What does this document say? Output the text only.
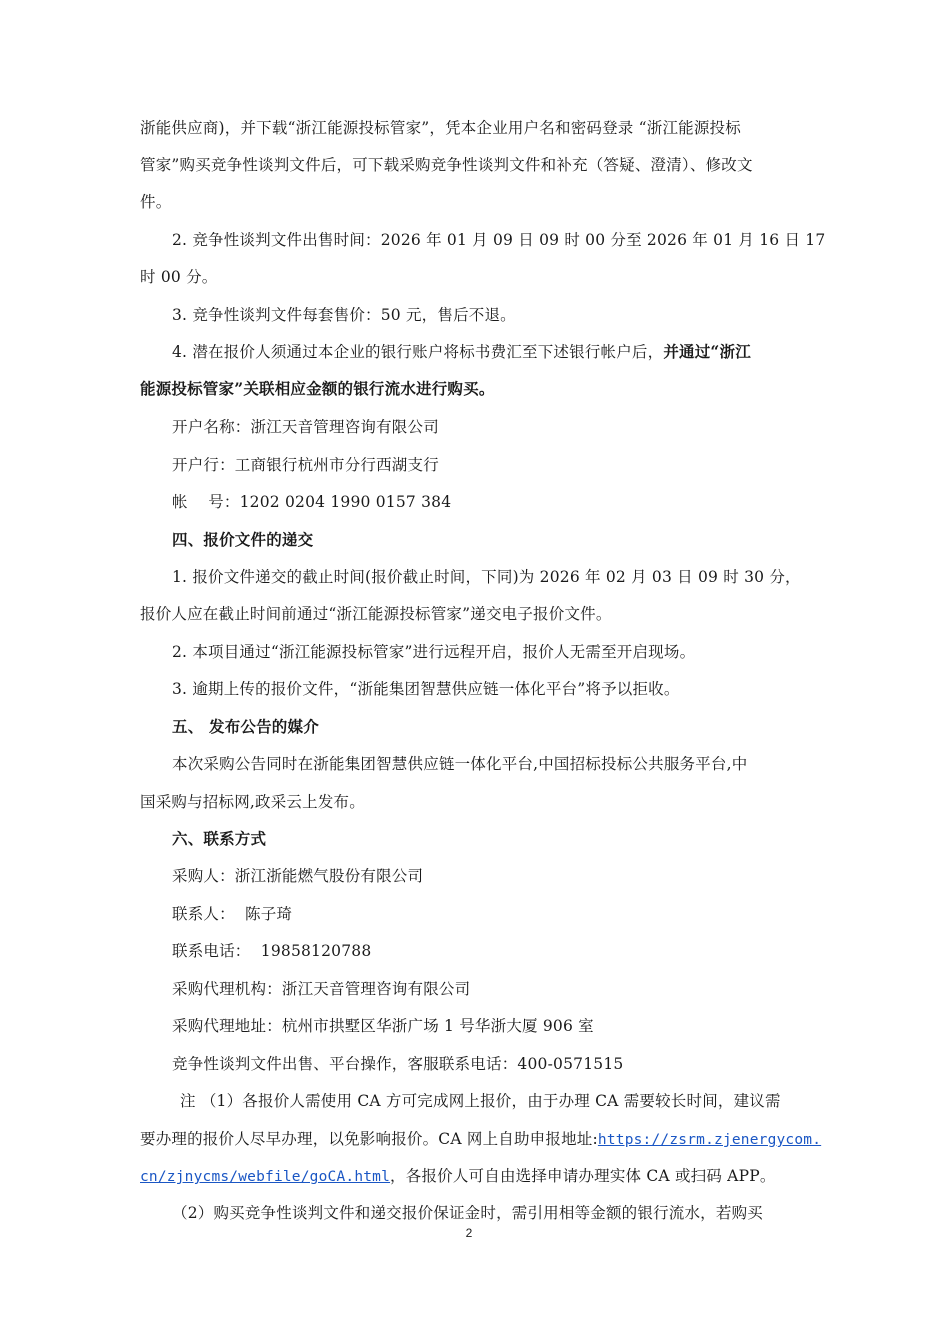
浙能供应商)，并下载“浙江能源投标管家”，凭本企业用户名和密码登录 “浙江能源投标
管家”购买竞争性谈判文件后，可下载采购竞争性谈判文件和补充（答疑、澄清）、修改文
件。
2. 竞争性谈判文件出售时间：2026 年 01 月 09 日 09 时 00 分至 2026 年 01 月 16 日 17
时 00 分。
3. 竞争性谈判文件每套售价：50 元，售后不退。
4. 潜在报价人须通过本企业的银行账户将标书费汇至下述银行帐户后，并通过“浙江
能源投标管家”关联相应金额的银行流水进行购买。
开户名称：浙江天音管理咨询有限公司
开户行：工商银行杭州市分行西湖支行
帐    号：1202 0204 1990 0157 384
四、报价文件的递交
1. 报价文件递交的截止时间(报价截止时间，下同)为 2026 年 02 月 03 日 09 时 30 分，
报价人应在截止时间前通过“浙江能源投标管家”递交电子报价文件。
2. 本项目通过“浙江能源投标管家”进行远程开启，报价人无需至开启现场。
3. 逾期上传的报价文件，“浙能集团智慧供应链一体化平台”将予以拒收。
五、 发布公告的媒介
本次采购公告同时在浙能集团智慧供应链一体化平台,中国招标投标公共服务平台,中
国采购与招标网,政采云上发布。
六、联系方式
采购人：浙江浙能燃气股份有限公司
联系人：  陈子琦
联系电话：  19858120788
采购代理机构：浙江天音管理咨询有限公司
采购代理地址：杭州市拱墅区华浙广场 1 号华浙大厦 906 室
竞争性谈判文件出售、平台操作，客服联系电话：400-0571515
注 （1）各报价人需使用 CA 方可完成网上报价，由于办理 CA 需要较长时间，建议需
要办理的报价人尽早办理，以免影响报价。CA 网上自助申报地址:https://zsrm.zjenergycom.
cn/zjnycms/webfile/goCA.html，各报价人可自由选择申请办理实体 CA 或扫码 APP。
（2）购买竞争性谈判文件和递交报价保证金时，需引用相等金额的银行流水，若购买
2
